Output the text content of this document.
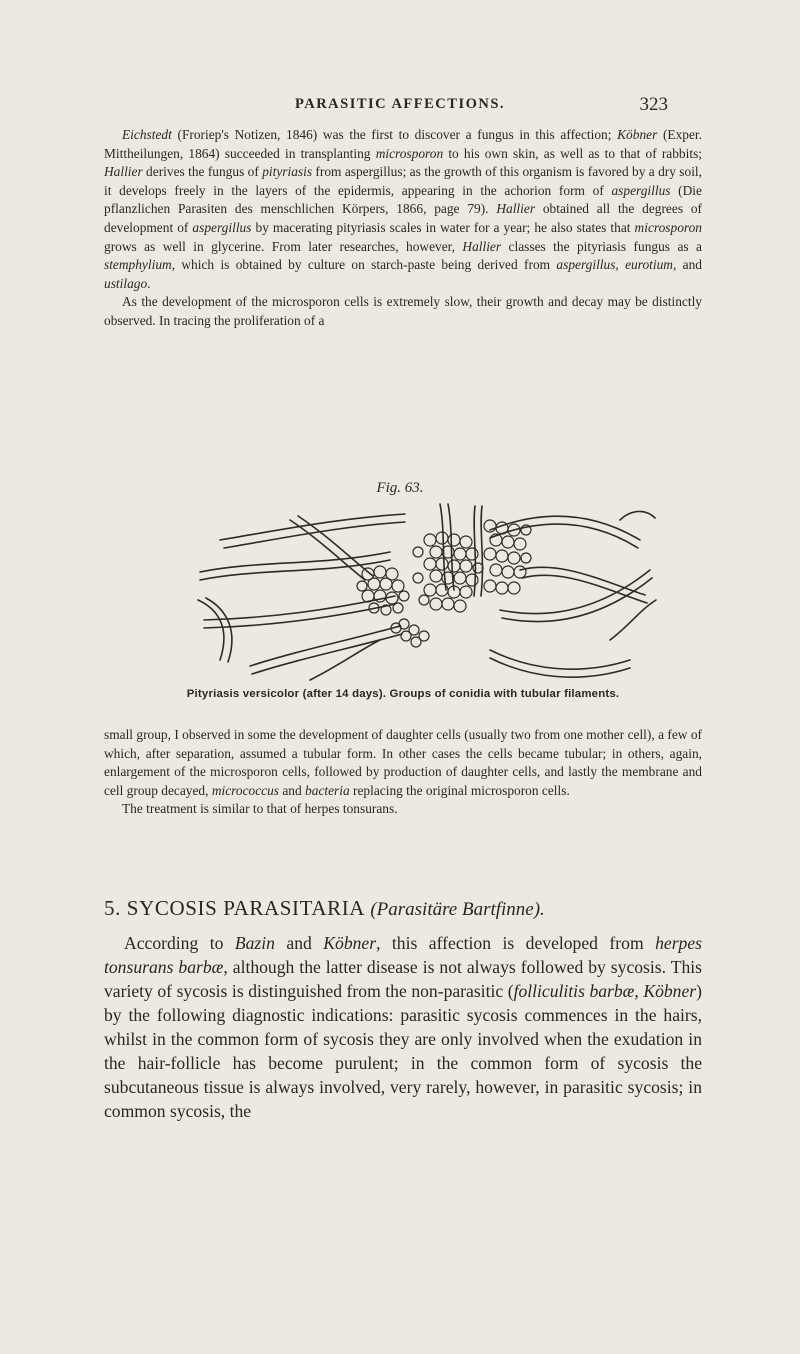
PARASITIC AFFECTIONS.	323

Eichstedt (Froriep's Notizen, 1846) was the first to discover a fungus in this affection; Köbner (Exper. Mittheilungen, 1864) succeeded in transplanting microsporon to his own skin, as well as to that of rabbits; Hallier derives the fungus of pityriasis from aspergillus; as the growth of this organism is favored by a dry soil, it develops freely in the layers of the epidermis, appearing in the achorion form of aspergillus (Die pflanzlichen Parasiten des menschlichen Körpers, 1866, page 79). Hallier obtained all the degrees of development of aspergillus by macerating pityriasis scales in water for a year; he also states that microsporon grows as well in glycerine. From later researches, however, Hallier classes the pityriasis fungus as a stemphylium, which is obtained by culture on starch-paste being derived from aspergillus, eurotium, and ustilago.

As the development of the microsporon cells is extremely slow, their growth and decay may be distinctly observed. In tracing the proliferation of a

Fig. 63.
Pityriasis versicolor (after 14 days). Groups of conidia with tubular filaments.

small group, I observed in some the development of daughter cells (usually two from one mother cell), a few of which, after separation, assumed a tubular form. In other cases the cells became tubular; in others, again, enlargement of the microsporon cells, followed by production of daughter cells, and lastly the membrane and cell group decayed, micrococcus and bacteria replacing the original microsporon cells.

The treatment is similar to that of herpes tonsurans.

5. SYCOSIS PARASITARIA (Parasitäre Bartfinne).

According to Bazin and Köbner, this affection is developed from herpes tonsurans barbæ, although the latter disease is not always followed by sycosis. This variety of sycosis is distinguished from the non-parasitic (folliculitis barbæ, Köbner) by the following diagnostic indications: parasitic sycosis commences in the hairs, whilst in the common form of sycosis they are only involved when the exudation in the hair-follicle has become purulent; in the common form of sycosis the subcutaneous tissue is always involved, very rarely, however, in parasitic sycosis; in common sycosis, the
